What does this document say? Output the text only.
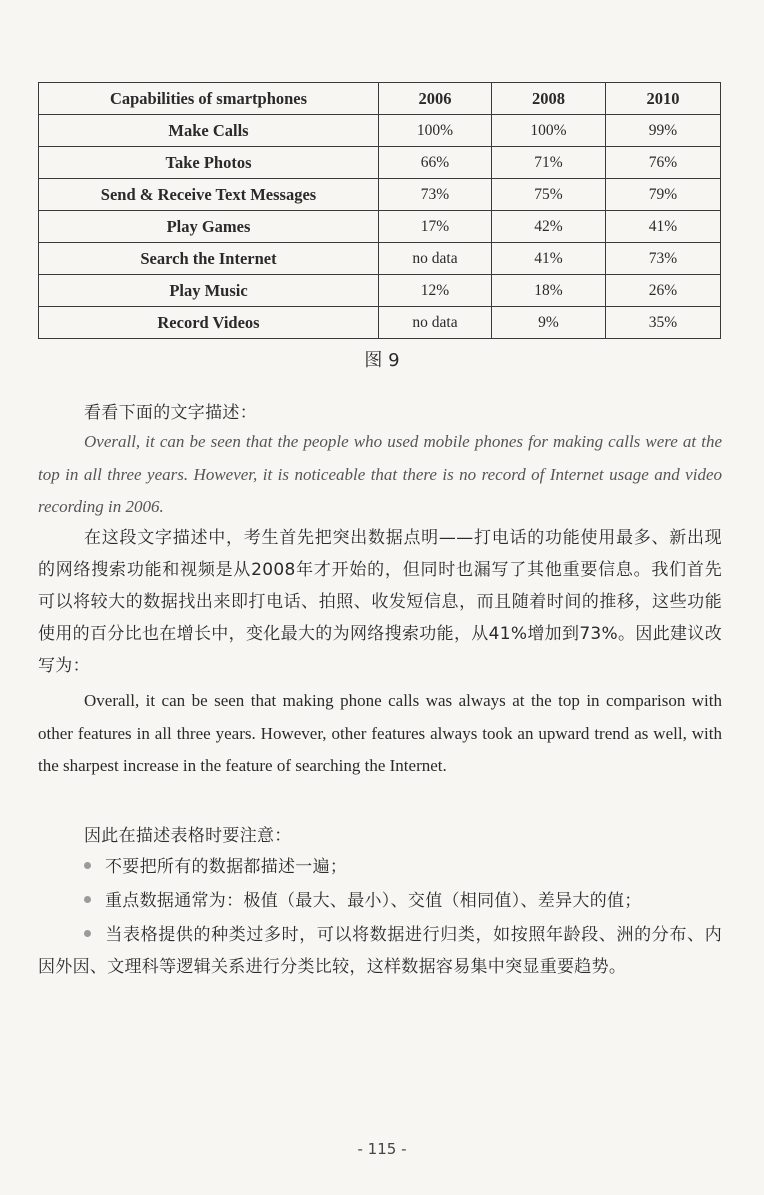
Capabilities of smartphones	2006	2008	2010
Make Calls	100%	100%	99%
Take Photos	66%	71%	76%
Send & Receive Text Messages	73%	75%	79%
Play Games	17%	42%	41%
Search the Internet	no data	41%	73%
Play Music	12%	18%	26%
Record Videos	no data	9%	35%
图 9
看看下面的文字描述：

Overall, it can be seen that the people who used mobile phones for making calls were at the top in all three years. However, it is noticeable that there is no record of Internet usage and video recording in 2006.

在这段文字描述中，考生首先把突出数据点明——打电话的功能使用最多、新出现的网络搜索功能和视频是从2008年才开始的，但同时也漏写了其他重要信息。我们首先可以将较大的数据找出来即打电话、拍照、收发短信息，而且随着时间的推移，这些功能使用的百分比也在增长中，变化最大的为网络搜索功能，从41%增加到73%。因此建议改写为：

Overall, it can be seen that making phone calls was always at the top in comparison with other features in all three years. However, other features always took an upward trend as well, with the sharpest increase in the feature of searching the Internet.

因此在描述表格时要注意：

不要把所有的数据都描述一遍；

重点数据通常为：极值（最大、最小）、交值（相同值）、差异大的值；

当表格提供的种类过多时，可以将数据进行归类，如按照年龄段、洲的分布、内因外因、文理科等逻辑关系进行分类比较，这样数据容易集中突显重要趋势。

- 115 -
